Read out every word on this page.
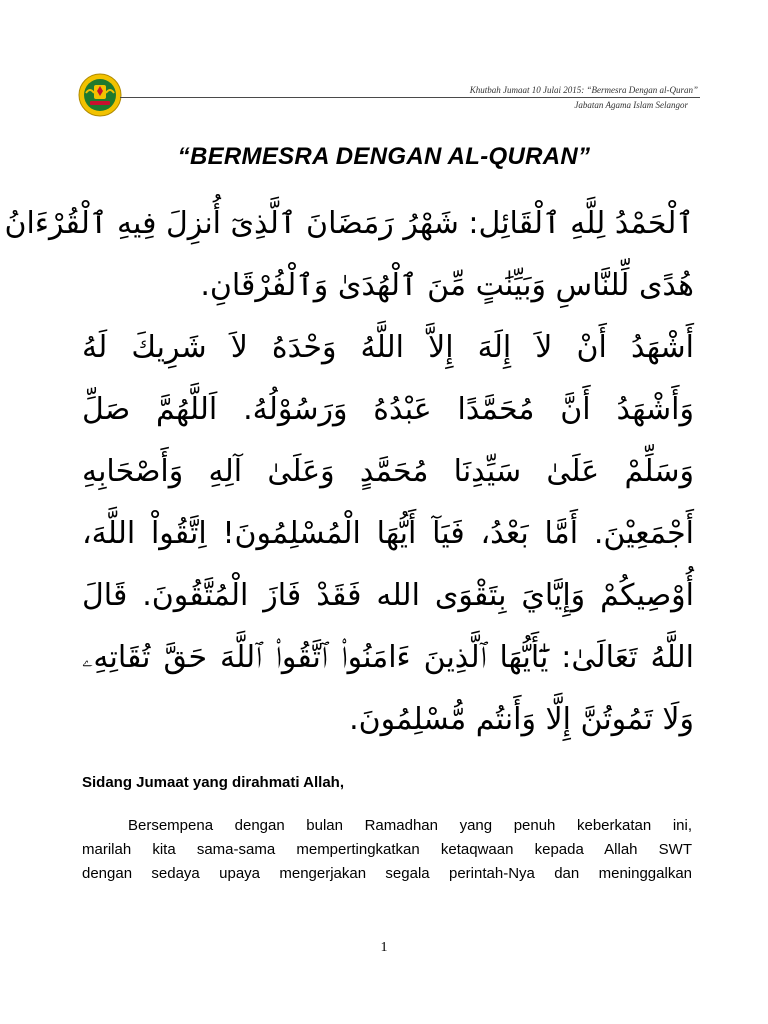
Khutbah Jumaat 10 Julai 2015: “Bermesra Dengan al-Quran”
Jabatan Agama Islam Selangor
“BERMESRA DENGAN AL-QURAN”
ٱلْحَمْدُ لِلَّهِ ٱلْقَائِل: شَهْرُ رَمَضَانَ ٱلَّذِىٓ أُنزِلَ فِيهِ ٱلْقُرْءَانُ
هُدًى لِّلنَّاسِ وَبَيِّنَٰتٍ مِّنَ ٱلْهُدَىٰ وَٱلْفُرْقَانِ.
أَشْهَدُ أَنْ لاَ إِلَهَ إِلاَّ اللَّهُ وَحْدَهُ لاَ شَرِيكَ لَهُ
وَأَشْهَدُ أَنَّ مُحَمَّدًا عَبْدُهُ وَرَسُوْلُهُ. اَللَّهُمَّ صَلِّ
وَسَلِّمْ عَلَىٰ سَيِّدِنَا مُحَمَّدٍ وَعَلَىٰ آلِهِ وَأَصْحَابِهِ
أَجْمَعِيْنَ. أَمَّا بَعْدُ، فَيَآ أَيُّهَا الْمُسْلِمُونَ! اِتَّقُواْ اللَّهَ،
أُوْصِيكُمْ وَإِيَّايَ بِتَقْوَى الله فَقَدْ فَازَ الْمُتَّقُونَ. قَالَ
اللَّهُ تَعَالَىٰ: يَٰٓأَيُّهَا ٱلَّذِينَ ءَامَنُوا۟ ٱتَّقُوا۟ ٱللَّهَ حَقَّ تُقَاتِهِۦ
وَلَا تَمُوتُنَّ إِلَّا وَأَنتُم مُّسْلِمُونَ.
Sidang Jumaat yang dirahmati Allah,
Bersempena dengan bulan Ramadhan yang penuh keberkatan ini,
marilah kita sama-sama mempertingkatkan ketaqwaan kepada Allah SWT
dengan sedaya upaya mengerjakan segala perintah-Nya dan meninggalkan
1
